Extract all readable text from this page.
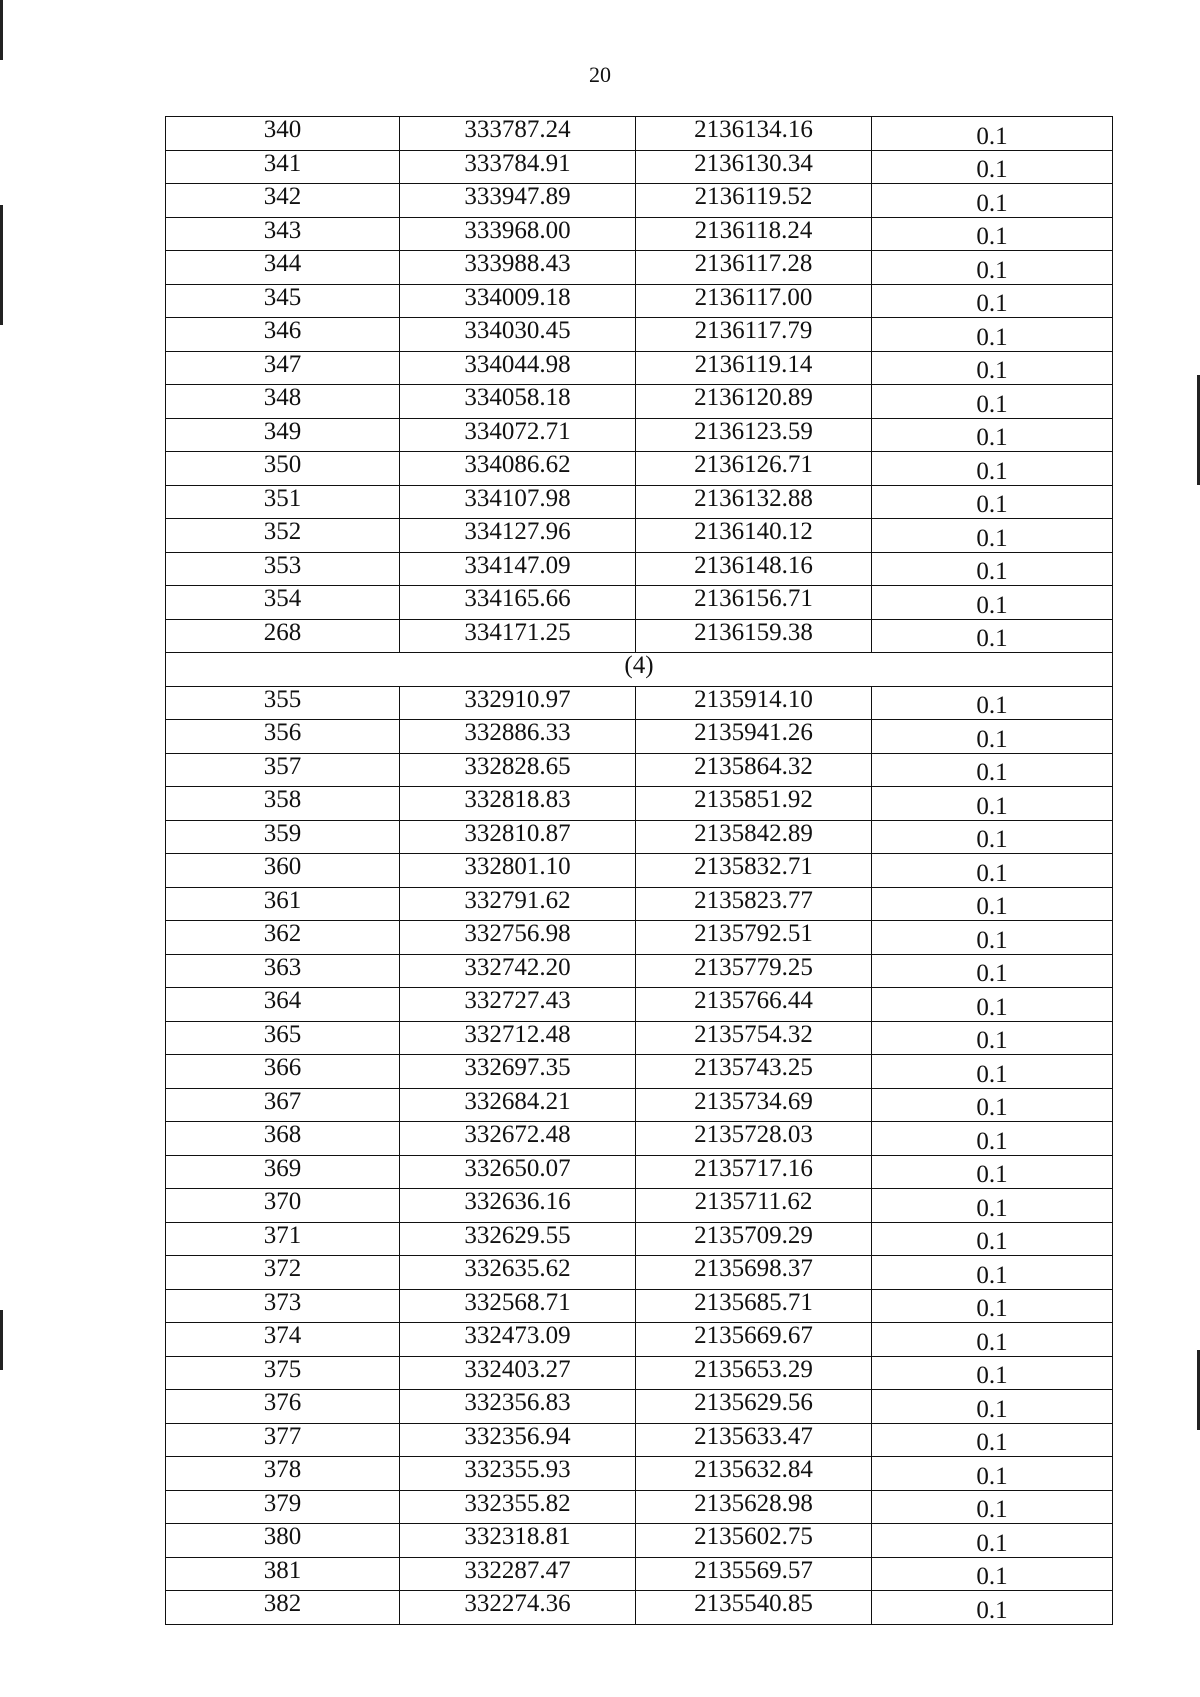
20
340	333787.24	2136134.16	0.1
341	333784.91	2136130.34	0.1
342	333947.89	2136119.52	0.1
343	333968.00	2136118.24	0.1
344	333988.43	2136117.28	0.1
345	334009.18	2136117.00	0.1
346	334030.45	2136117.79	0.1
347	334044.98	2136119.14	0.1
348	334058.18	2136120.89	0.1
349	334072.71	2136123.59	0.1
350	334086.62	2136126.71	0.1
351	334107.98	2136132.88	0.1
352	334127.96	2136140.12	0.1
353	334147.09	2136148.16	0.1
354	334165.66	2136156.71	0.1
268	334171.25	2136159.38	0.1
(4)			
355	332910.97	2135914.10	0.1
356	332886.33	2135941.26	0.1
357	332828.65	2135864.32	0.1
358	332818.83	2135851.92	0.1
359	332810.87	2135842.89	0.1
360	332801.10	2135832.71	0.1
361	332791.62	2135823.77	0.1
362	332756.98	2135792.51	0.1
363	332742.20	2135779.25	0.1
364	332727.43	2135766.44	0.1
365	332712.48	2135754.32	0.1
366	332697.35	2135743.25	0.1
367	332684.21	2135734.69	0.1
368	332672.48	2135728.03	0.1
369	332650.07	2135717.16	0.1
370	332636.16	2135711.62	0.1
371	332629.55	2135709.29	0.1
372	332635.62	2135698.37	0.1
373	332568.71	2135685.71	0.1
374	332473.09	2135669.67	0.1
375	332403.27	2135653.29	0.1
376	332356.83	2135629.56	0.1
377	332356.94	2135633.47	0.1
378	332355.93	2135632.84	0.1
379	332355.82	2135628.98	0.1
380	332318.81	2135602.75	0.1
381	332287.47	2135569.57	0.1
382	332274.36	2135540.85	0.1
